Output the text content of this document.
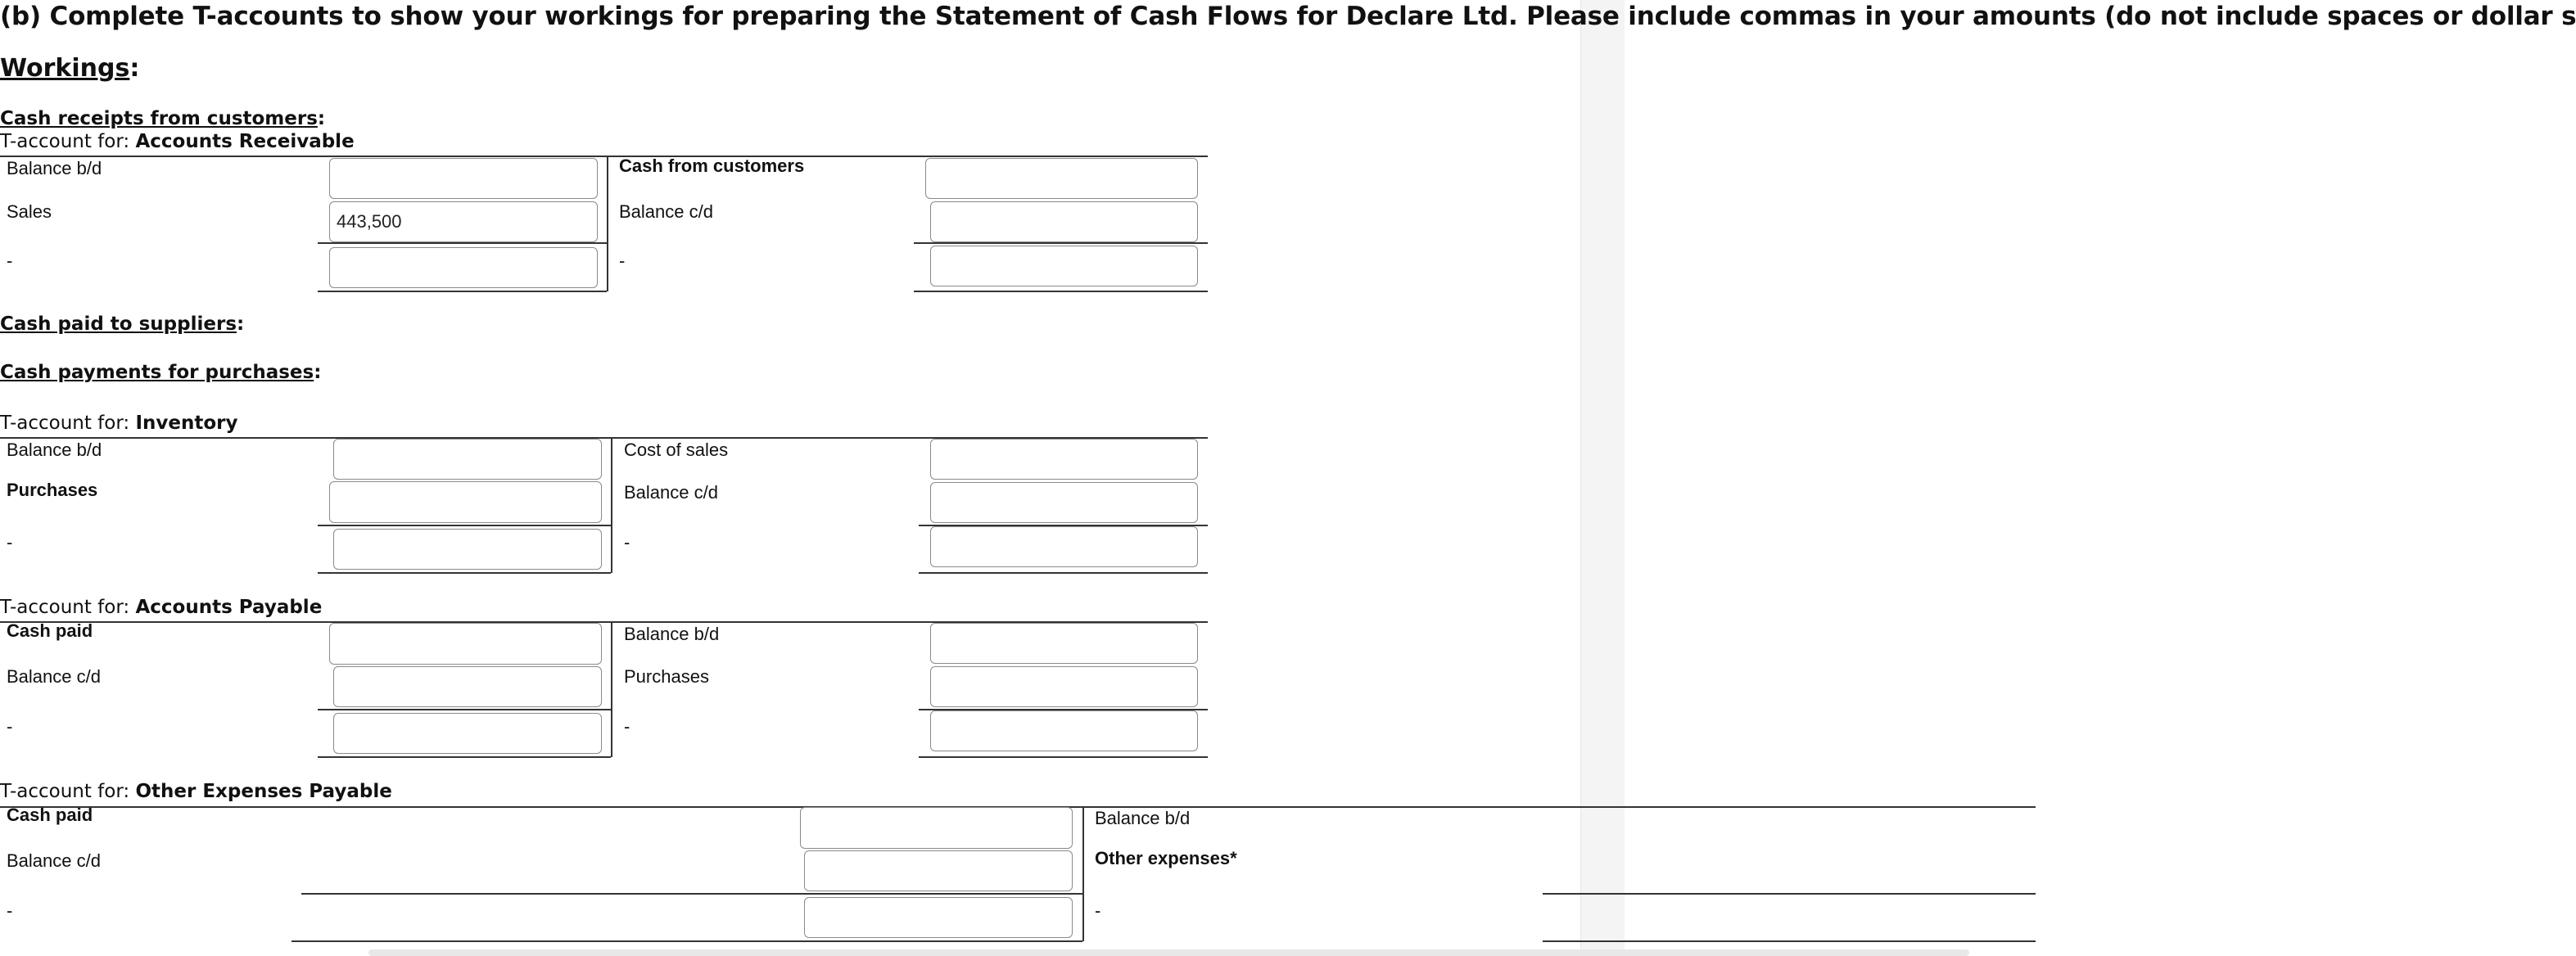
(b) Complete T-accounts to show your workings for preparing the Statement of Cash Flows for Declare Ltd. Please include commas in your amounts (do not include spaces or dollar s
Workings:
Cash receipts from customers:
T-account for: Accounts Receivable
Balance b/d
Sales
-
443,500
Cash from customers
Balance c/d
-
Cash paid to suppliers:
Cash payments for purchases:
T-account for: Inventory
Balance b/d
Purchases
-
Cost of sales
Balance c/d
-
T-account for: Accounts Payable
Cash paid
Balance c/d
-
Balance b/d
Purchases
-
T-account for: Other Expenses Payable
Cash paid
Balance c/d
-
Balance b/d
Other expenses*
-
